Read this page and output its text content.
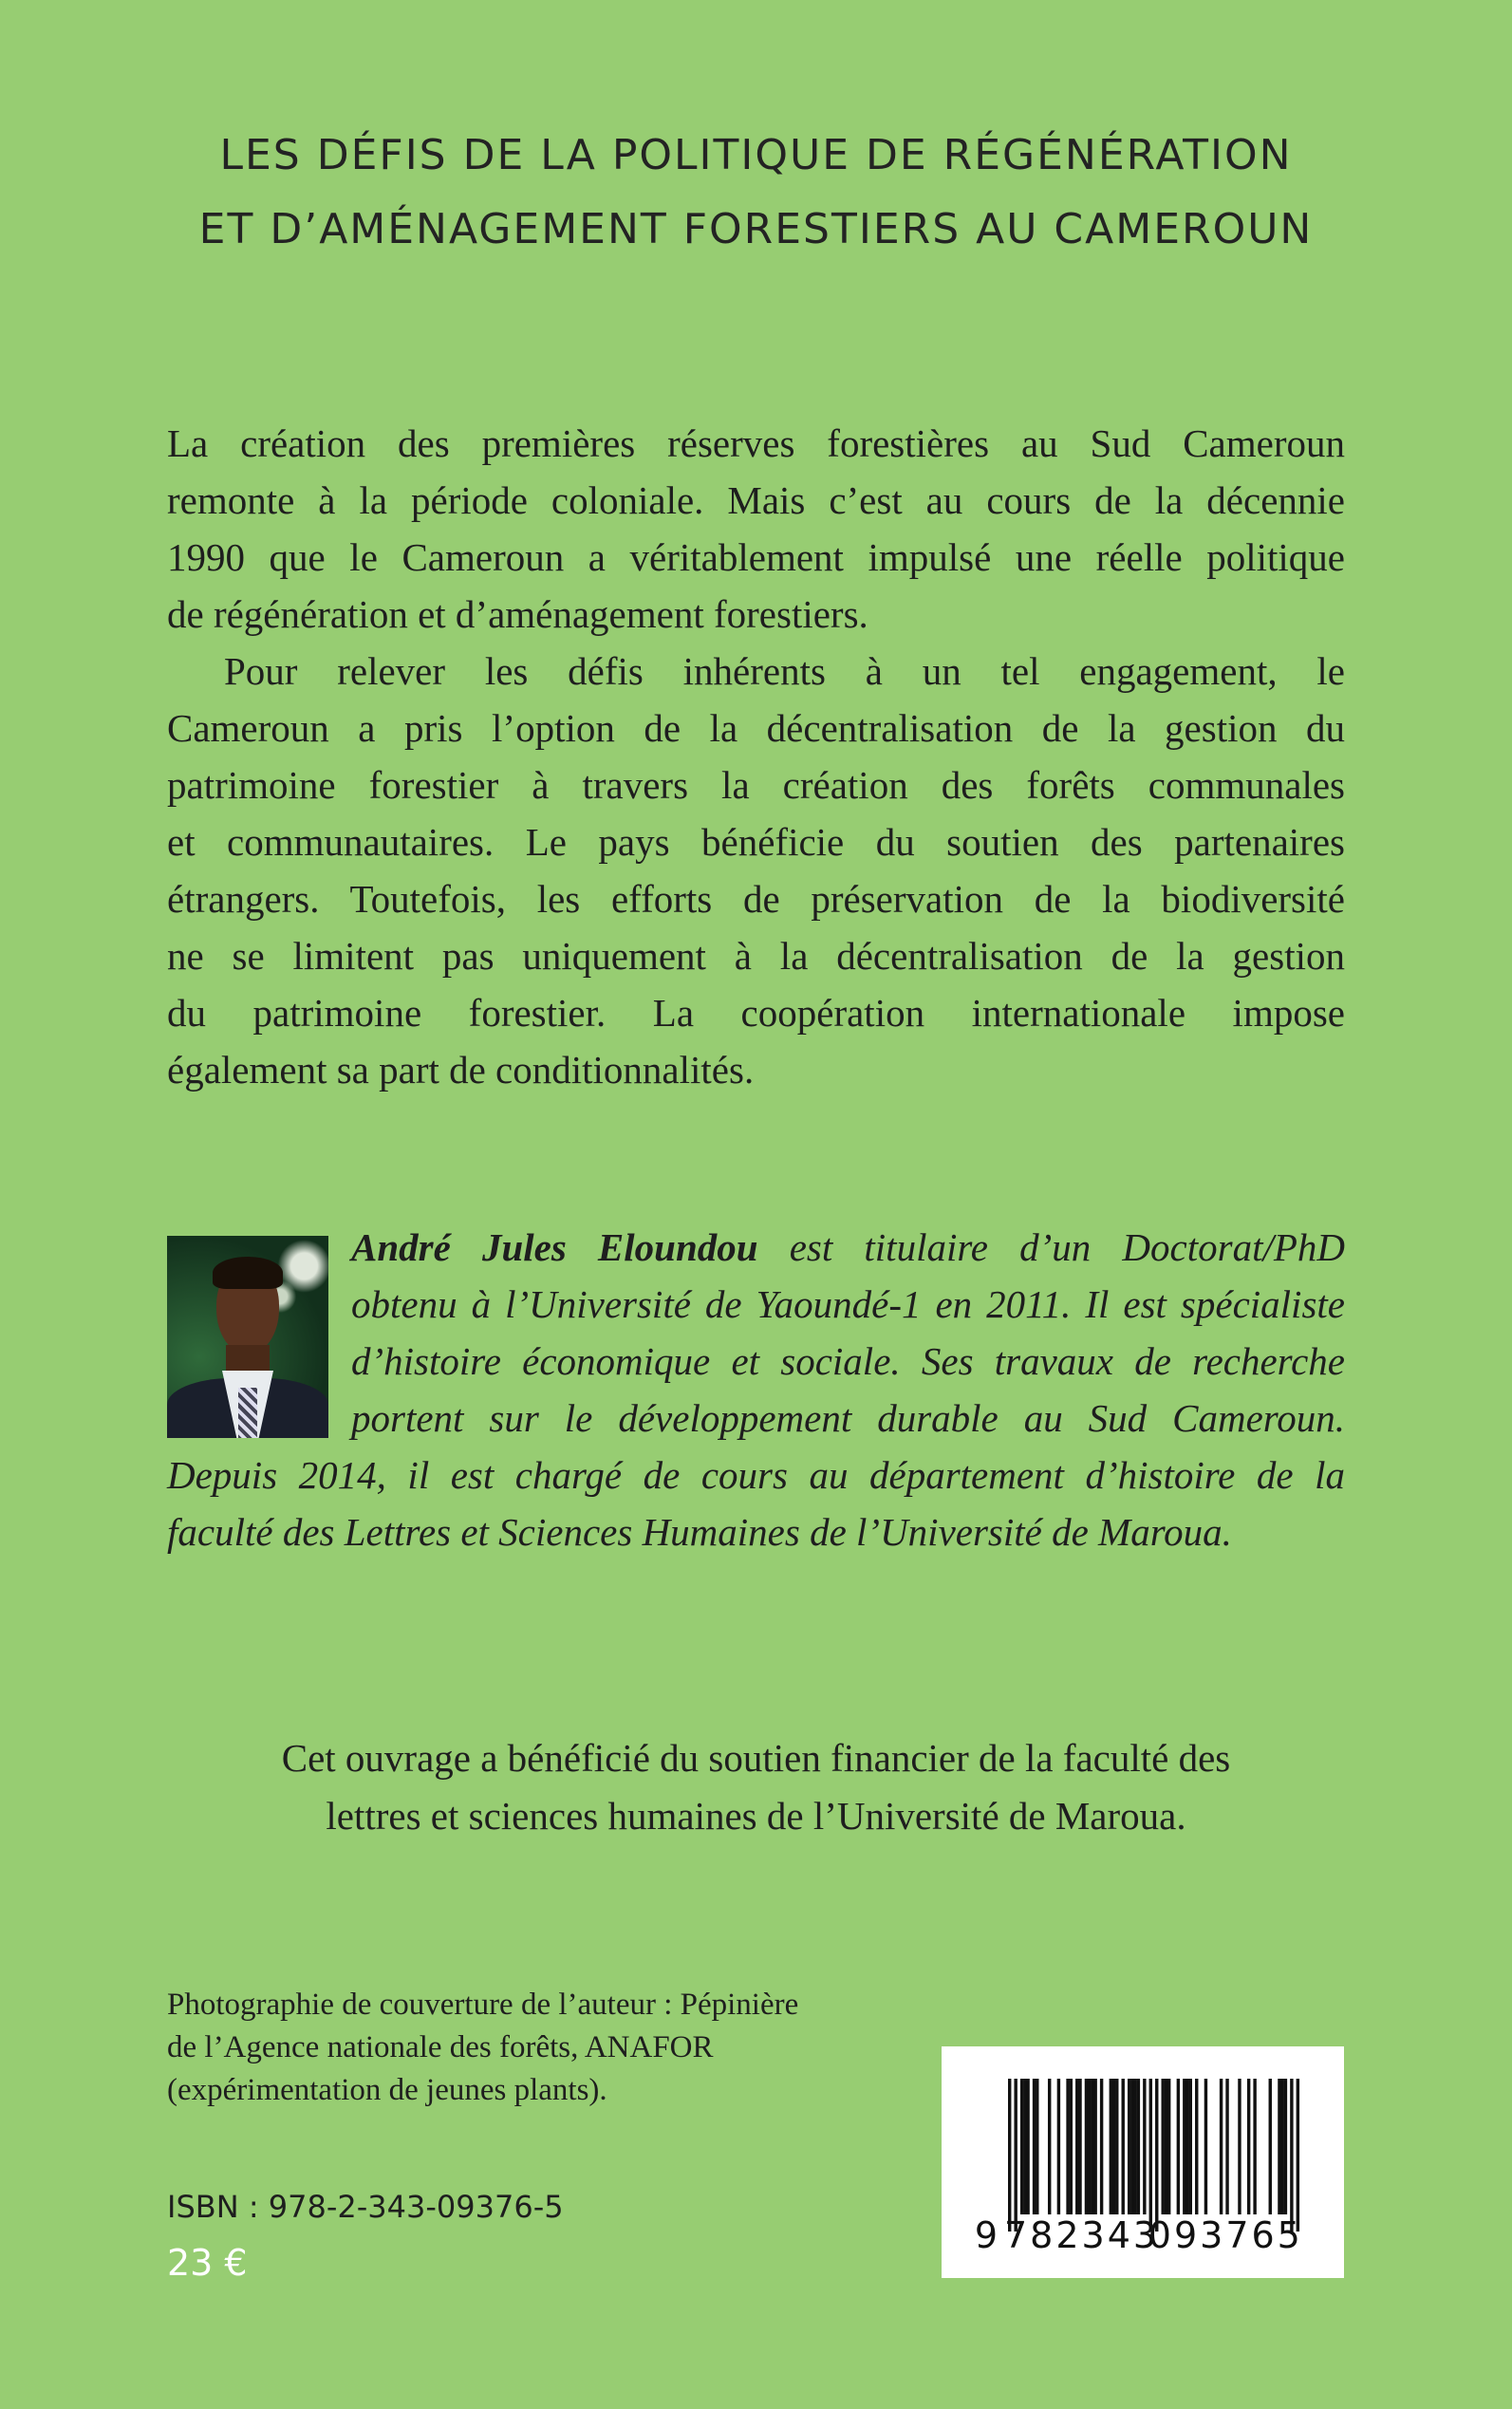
LES DÉFIS DE LA POLITIQUE DE RÉGÉNÉRATION
ET D’AMÉNAGEMENT FORESTIERS AU CAMEROUN
La création des premières réserves forestières au Sud Cameroun
remonte à la période coloniale. Mais c’est au cours de la décennie
1990 que le Cameroun a véritablement impulsé une réelle politique
de régénération et d’aménagement forestiers.
Pour relever les défis inhérents à un tel engagement, le
Cameroun a pris l’option de la décentralisation de la gestion du
patrimoine forestier à travers la création des forêts communales
et communautaires. Le pays bénéficie du soutien des partenaires
étrangers. Toutefois, les efforts de préservation de la biodiversité
ne se limitent pas uniquement à la décentralisation de la gestion
du patrimoine forestier. La coopération internationale impose
également sa part de conditionnalités.
André Jules Eloundou est titulaire d’un Doctorat/PhD
obtenu à l’Université de Yaoundé-1 en 2011. Il est spécialiste
d’histoire économique et sociale. Ses travaux de recherche
portent sur le développement durable au Sud Cameroun.
Depuis 2014, il est chargé de cours au département d’histoire de la
faculté des Lettres et Sciences Humaines de l’Université de Maroua.
Cet ouvrage a bénéficié du soutien financier de la faculté des
lettres et sciences humaines de l’Université de Maroua.
Photographie de couverture de l’auteur : Pépinière
de l’Agence nationale des forêts, ANAFOR
(expérimentation de jeunes plants).
ISBN : 978-2-343-09376-5
23 €
9 782343
093765
